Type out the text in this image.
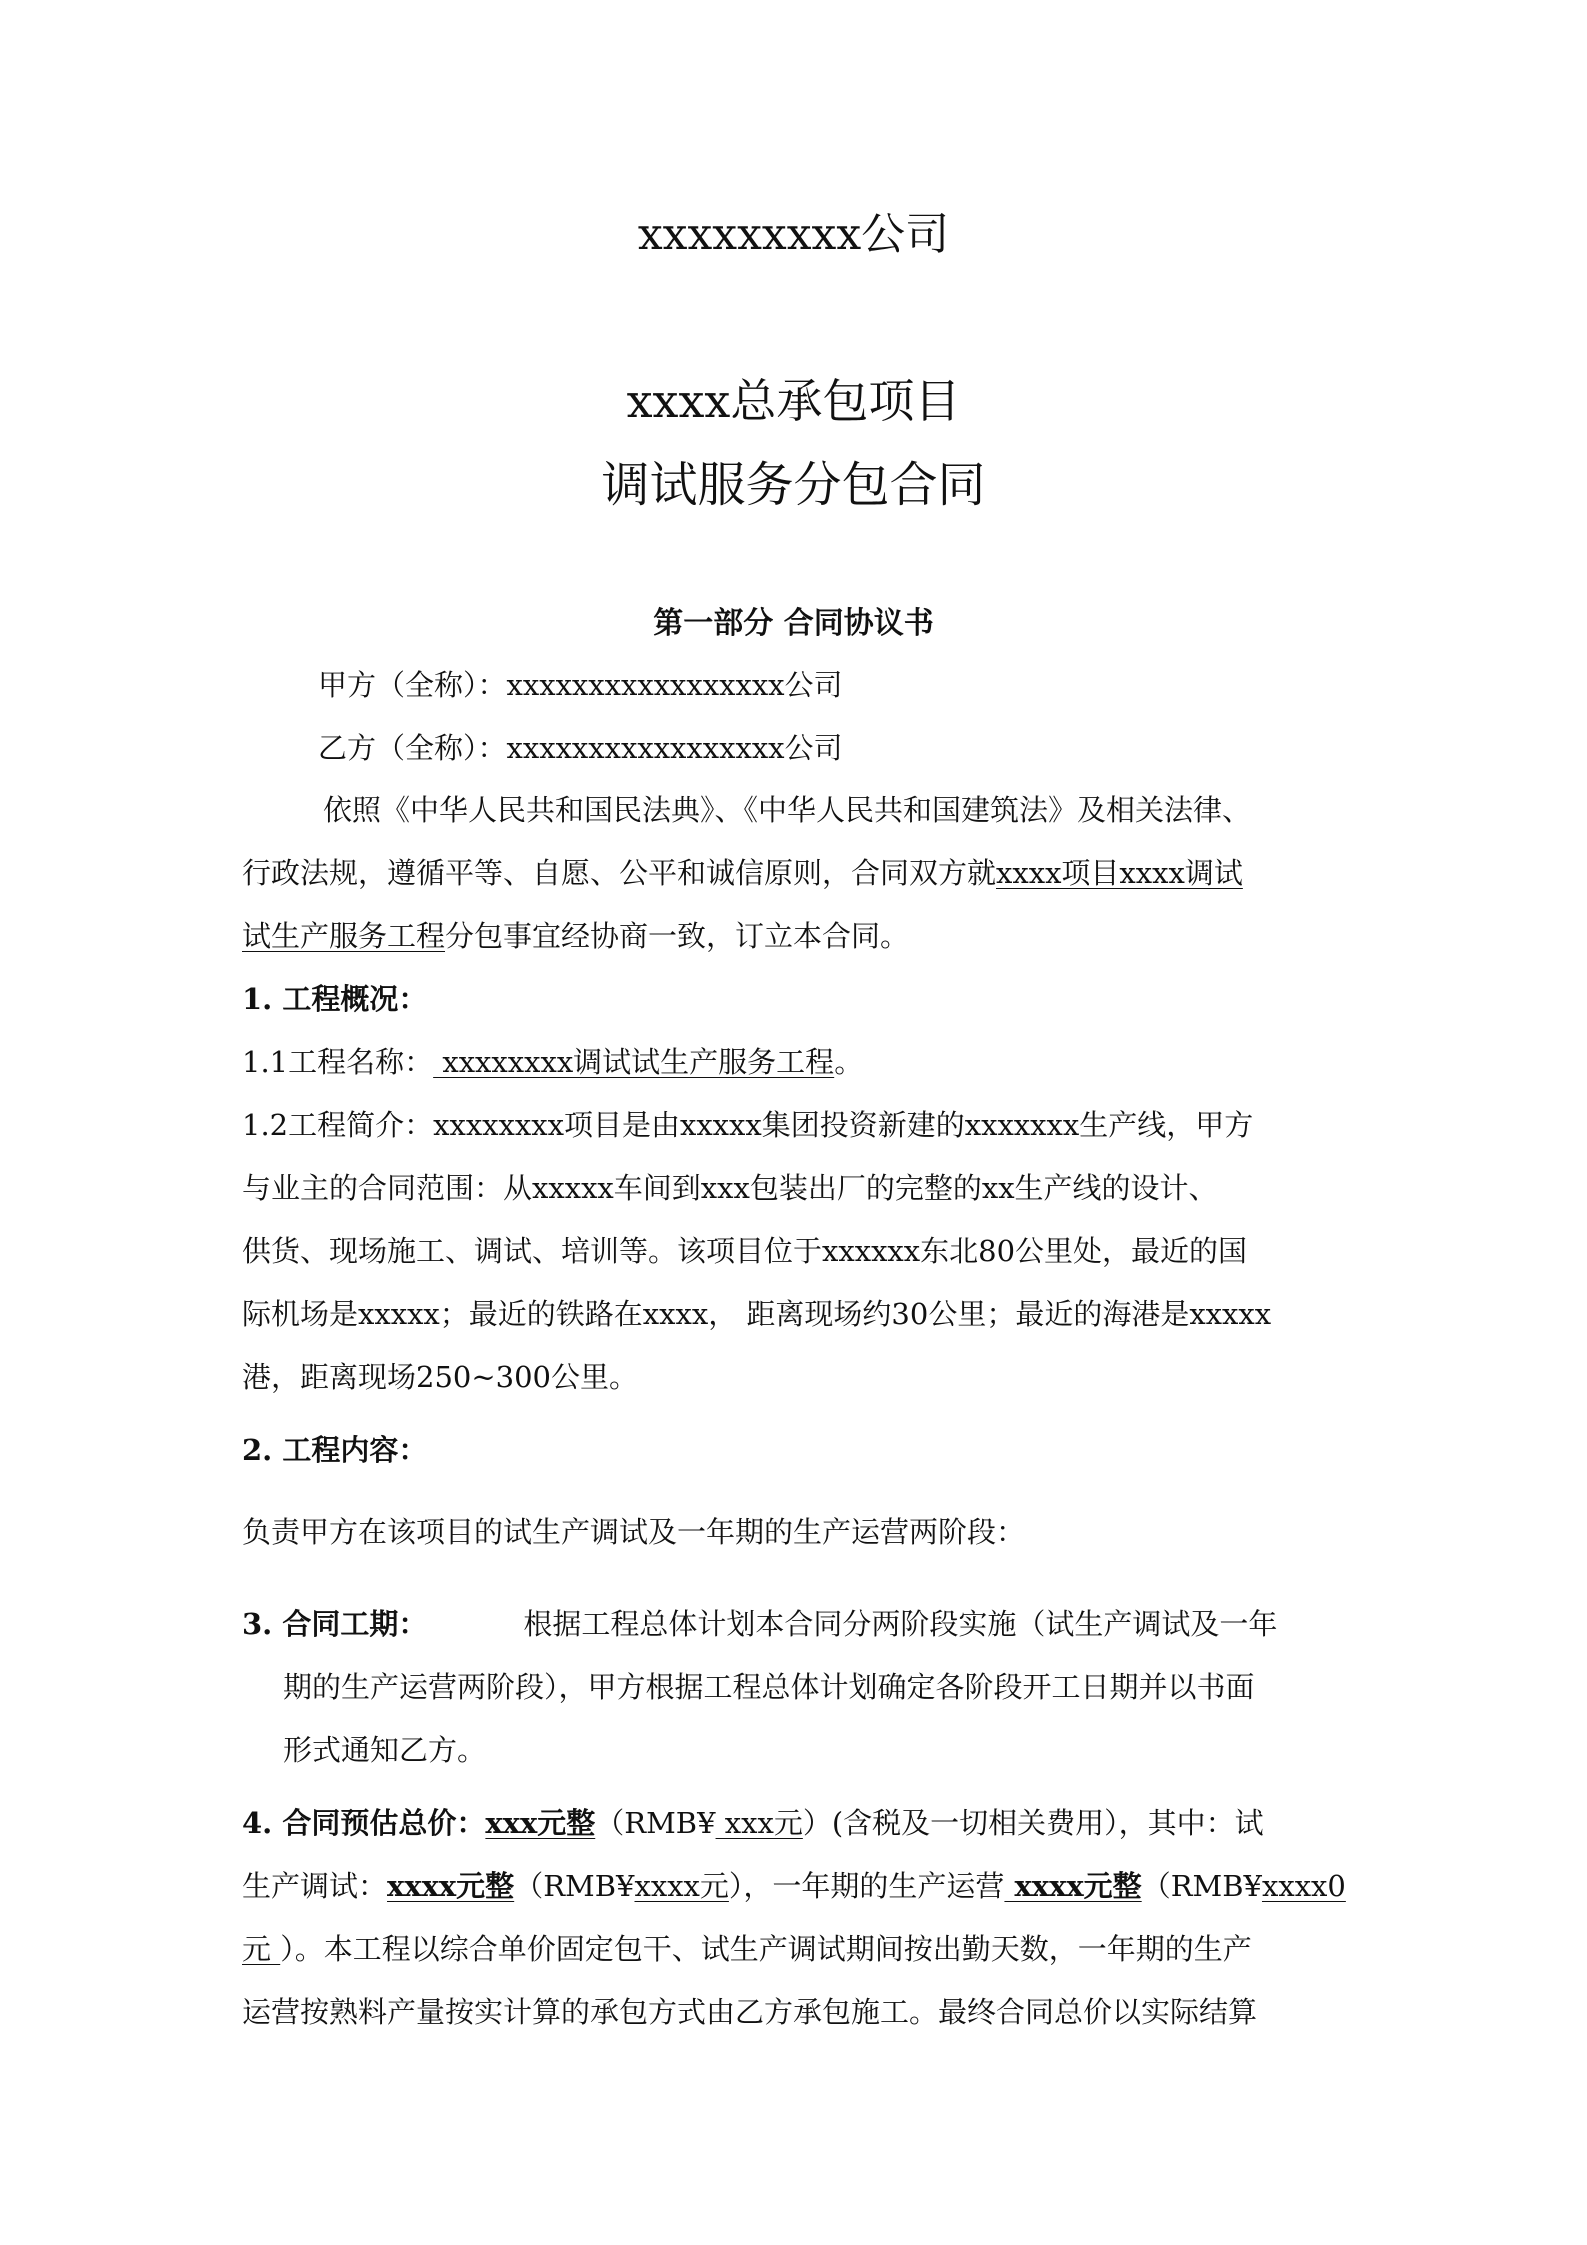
xxxxxxxxx公司
xxxx总承包项目
调试服务分包合同
第一部分 合同协议书
甲方（全称）：xxxxxxxxxxxxxxxxx公司
乙方（全称）：xxxxxxxxxxxxxxxxx公司
依照《中华人民共和国民法典》、《中华人民共和国建筑法》及相关法律、
行政法规，遵循平等、自愿、公平和诚信原则，合同双方就xxxx项目xxxx调试
试生产服务工程分包事宜经协商一致，订立本合同。
1. 工程概况：
1.1工程名称： xxxxxxxx调试试生产服务工程。
1.2工程简介：xxxxxxxx项目是由xxxxx集团投资新建的xxxxxxx生产线，甲方
与业主的合同范围：从xxxxx车间到xxx包装出厂的完整的xx生产线的设计、
供货、现场施工、调试、培训等。该项目位于xxxxxx东北80公里处，最近的国
际机场是xxxxx；最近的铁路在xxxx， 距离现场约30公里；最近的海港是xxxxx
港，距离现场250~300公里。
2. 工程内容：
负责甲方在该项目的试生产调试及一年期的生产运营两阶段：
3. 合同工期：	根据工程总体计划本合同分两阶段实施（试生产调试及一年
期的生产运营两阶段），甲方根据工程总体计划确定各阶段开工日期并以书面
形式通知乙方。
4. 合同预估总价：xxx元整（RMB¥ xxx元）(含税及一切相关费用），其中：试
生产调试：xxxx元整（RMB¥xxxx元），一年期的生产运营 xxxx元整（RMB¥xxxx0
元 ）。本工程以综合单价固定包干、试生产调试期间按出勤天数，一年期的生产
运营按熟料产量按实计算的承包方式由乙方承包施工。最终合同总价以实际结算
